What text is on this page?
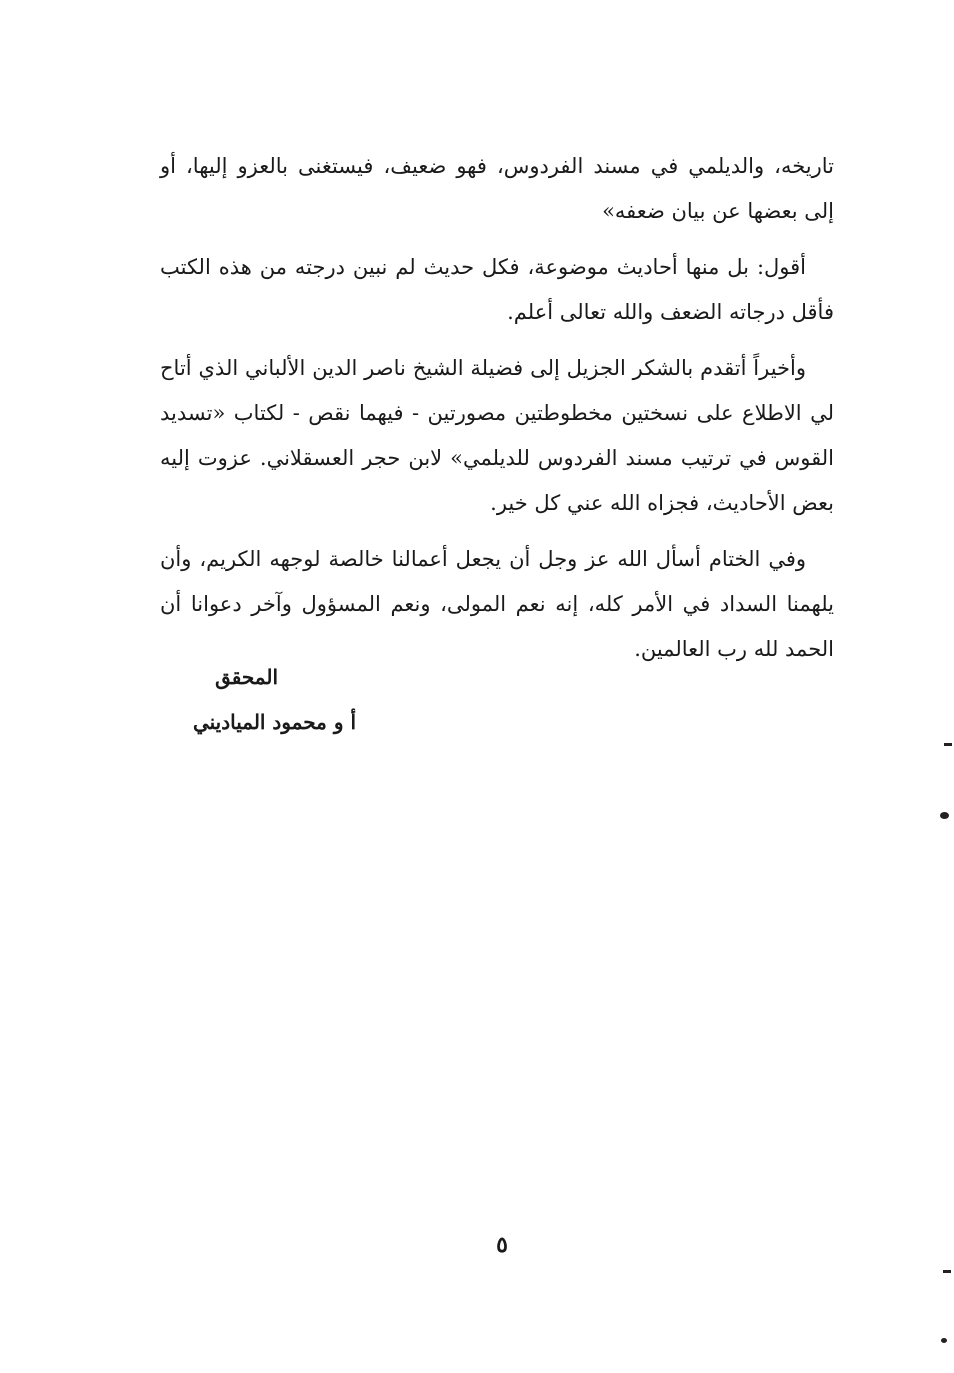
تاريخه، والديلمي في مسند الفردوس، فهو ضعيف، فيستغنى بالعزو إليها، أو إلى بعضها عن بيان ضعفه»

أقول: بل منها أحاديث موضوعة، فكل حديث لم نبين درجته من هذه الكتب فأقل درجاته الضعف والله تعالى أعلم.

وأخيراً أتقدم بالشكر الجزيل إلى فضيلة الشيخ ناصر الدين الألباني الذي أتاح لي الاطلاع على نسختين مخطوطتين مصورتين - فيهما نقص - لكتاب «تسديد القوس في ترتيب مسند الفردوس للديلمي» لابن حجر العسقلاني. عزوت إليه بعض الأحاديث، فجزاه الله عني كل خير.

وفي الختام أسأل الله عز وجل أن يجعل أعمالنا خالصة لوجهه الكريم، وأن يلهمنا السداد في الأمر كله، إنه نعم المولى، ونعم المسؤول وآخر دعوانا أن الحمد لله رب العالمين.

المحقق
أ و محمود المياديني
٥
